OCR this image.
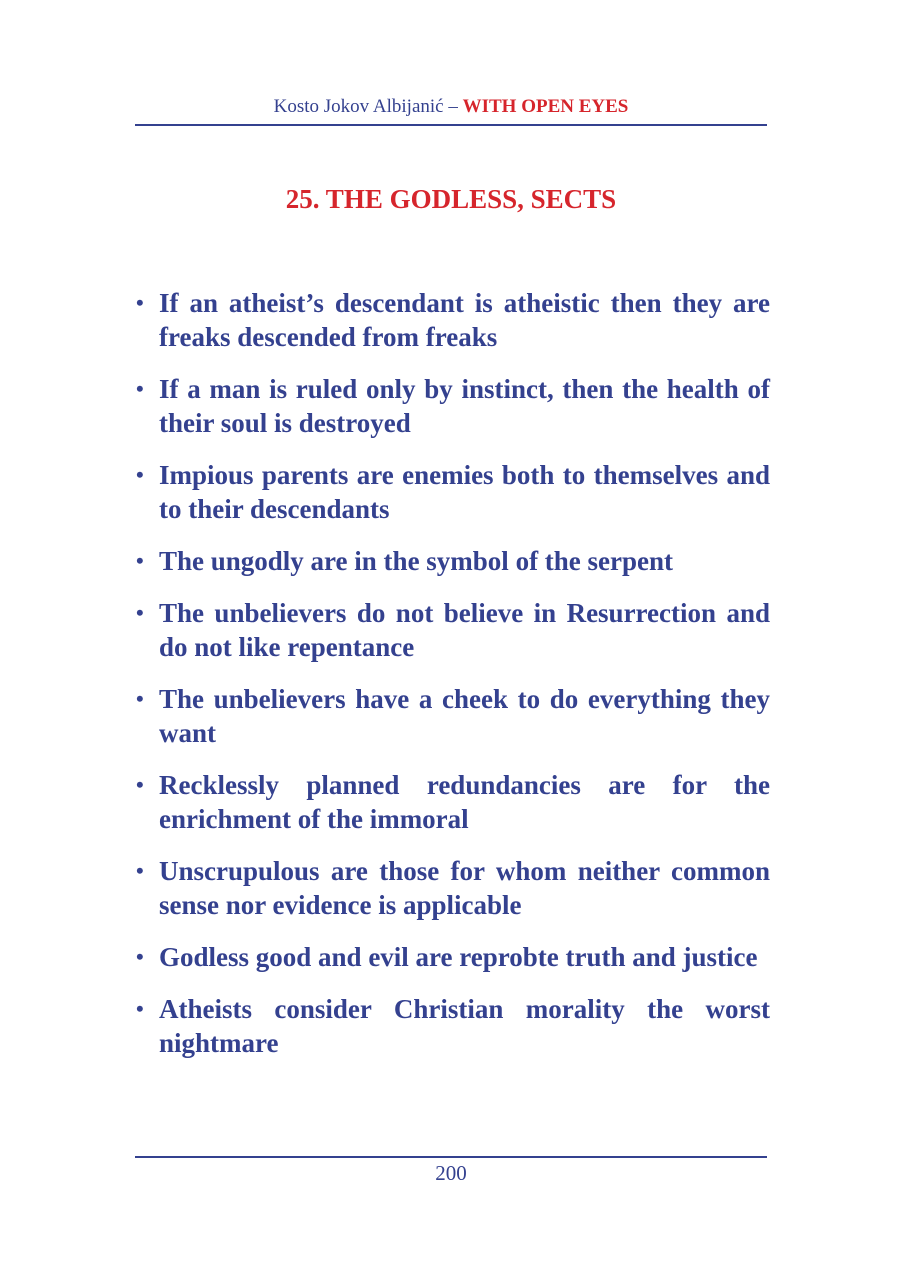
Kosto Jokov Albijanić – WITH OPEN EYES
25. THE GODLESS, SECTS
• If an atheist’s descendant is atheistic then they are freaks descended from freaks
• If a man is ruled only by instinct, then the health of their soul is destroyed
• Impious parents are enemies both to themselves and to their descendants
• The ungodly are in the symbol of the serpent
• The unbelievers do not believe in Resurrection and do not like repentance
• The unbelievers have a cheek to do everything they want
• Recklessly planned redundancies are for the enrichment of the immoral
• Unscrupulous are those for whom neither common sense nor evidence is applicable
• Godless good and evil are reprobte truth and justice
• Atheists consider Christian morality the worst nightmare
200
